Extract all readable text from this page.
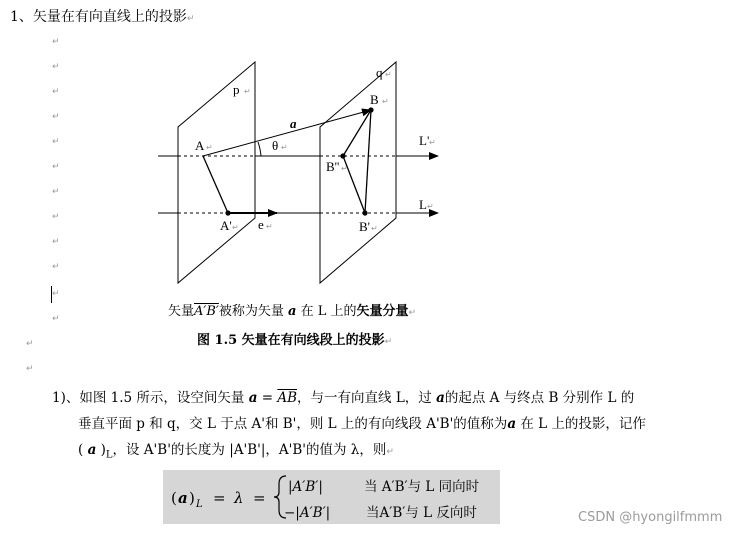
1、矢量在有向直线上的投影↵
↵
↵
↵
↵
↵
↵
↵
↵
↵
↵
↵
↵
↵
↵
p
q
A
B
a
θ
B''
A' e	B'
L'
L
↵
↵
↵
↵
↵
↵	↵	↵
↵
↵
↵
矢量A′B′被称为矢量 a 在 L 上的矢量分量↵
图 1.5 矢量在有向线段上的投影↵
1)、如图 1.5 所示，设空间矢量 $a = \overline{AB}$，与一有向直线 L，过 a的起点 A 与终点 B 分别作 L 的
垂直平面 p 和 q，交 L 于点 A'和 B'，则 L 上的有向线段 A'B'的值称为a 在 L 上的投影，记作
( a )$_L$，设 A'B'的长度为 |A'B'|，A'B'的值为 λ，则↵
( a ) L = λ =
|A′B′|	当 A′B′与 L 同向时
−|A′B′|	当A′B′与 L 反向时	CSDN @hyongilfmmm
